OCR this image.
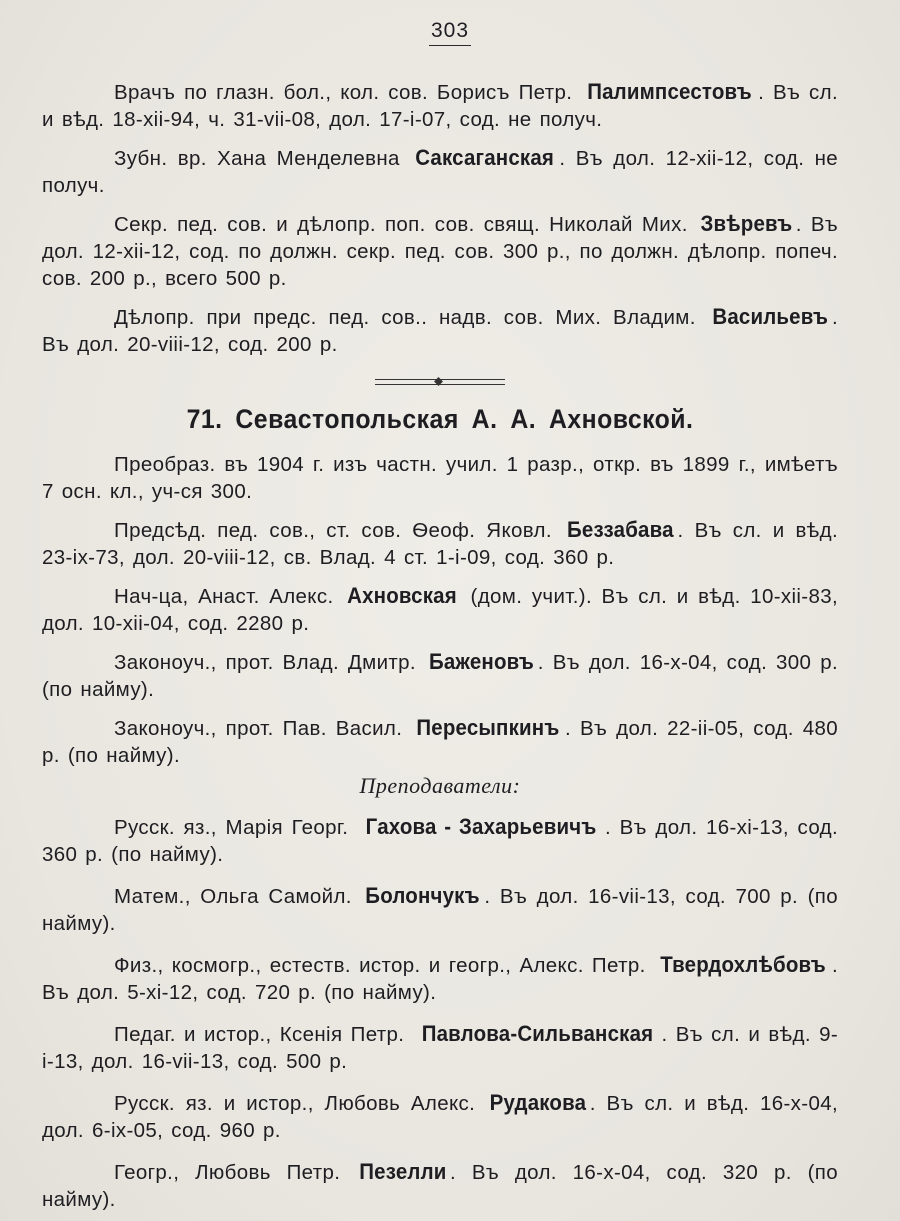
303

Врачъ по глазн. бол., кол. сов. Борисъ Петр. Палимпсестовъ . Въ сл. и вѣд. 18-xii-94, ч. 31-vii-08, дол. 17-i-07, сод. не получ.

Зубн. вр. Хана Менделевна Саксаганская . Въ дол. 12-xii-12, сод. не получ.

Секр. пед. сов. и дѣлопр. поп. сов. свящ. Николай Мих. Звѣревъ . Въ дол. 12-xii-12, сод. по должн. секр. пед. сов. 300 р., по должн. дѣлопр. попеч. сов. 200 р., всего 500 р.

Дѣлопр. при предс. пед. сов.. надв. сов. Мих. Владим. Васильевъ . Въ дол. 20-viii-12, сод. 200 р.

71. Севастопольская А. А. Ахновской.

Преобраз. въ 1904 г. изъ частн. учил. 1 разр., откр. въ 1899 г., имѣетъ 7 осн. кл., уч-ся 300.

Предсѣд. пед. сов., ст. сов. Ѳеоф. Яковл. Беззабава . Въ сл. и вѣд. 23-ix-73, дол. 20-viii-12, св. Влад. 4 ст. 1-i-09, сод. 360 р.

Нач-ца, Анаст. Алекс. Ахновская (дом. учит.). Въ сл. и вѣд. 10-xii-83, дол. 10-xii-04, сод. 2280 р.

Законоуч., прот. Влад. Дмитр. Баженовъ . Въ дол. 16-x-04, сод. 300 р. (по найму).

Законоуч., прот. Пав. Васил. Пересыпкинъ . Въ дол. 22-ii-05, сод. 480 р. (по найму).

Преподаватели:

Русск. яз., Марія Георг. Гахова - Захарьевичъ . Въ дол. 16-xi-13, сод. 360 р. (по найму).

Матем., Ольга Самойл. Болончукъ . Въ дол. 16-vii-13, сод. 700 р. (по найму).

Физ., космогр., естеств. истор. и геогр., Алекс. Петр. Твердохлѣбовъ . Въ дол. 5-xi-12, сод. 720 р. (по найму).

Педаг. и истор., Ксенія Петр. Павлова-Сильванская . Въ сл. и вѣд. 9-i-13, дол. 16-vii-13, сод. 500 р.

Русск. яз. и истор., Любовь Алекс. Рудакова . Въ сл. и вѣд. 16-x-04, дол. 6-ix-05, сод. 960 р.

Геогр., Любовь Петр. Пезелли . Въ дол. 16-x-04, сод. 320 р. (по найму).
